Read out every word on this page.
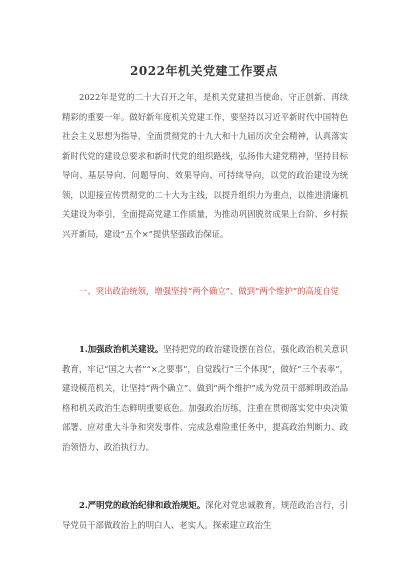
2022年机关党建工作要点

2022年是党的二十大召开之年，是机关党建担当使命、守正创新、再续精彩的重要一年。做好新年度机关党建工作，要坚持以习近平新时代中国特色社会主义思想为指导，全面贯彻党的十九大和十九届历次全会精神，认真落实新时代党的建设总要求和新时代党的组织路线，弘扬伟大建党精神，坚持目标导向、基层导向、问题导向、效果导向、可持续导向，以党的政治建设为统领，以迎接宣传贯彻党的二十大为主线，以提升组织力为重点，以推进清廉机关建设为牵引，全面提高党建工作质量，为推动巩固脱贫成果上台阶、乡村振兴开新局，建设“五个×”提供坚强政治保证。

一、突出政治统领，增强坚持“两个确立”、做到“两个维护”的高度自觉

1.加强政治机关建设。坚持把党的政治建设摆在首位，强化政治机关意识教育，牢记“国之大者”“×之要事”，自觉践行“三个体现”，做好“三个表率”，建设模范机关，让坚持“两个确立”、做到“两个维护”成为党员干部鲜明政治品格和机关政治生态鲜明重要底色。加强政治历练，注重在贯彻落实党中央决策部署、应对重大斗争和突发事件、完成急难险重任务中，提高政治判断力、政治领悟力、政治执行力。

2.严明党的政治纪律和政治规矩。深化对党忠诚教育，规范政治言行，引导党员干部做政治上的明白人、老实人。探索建立政治生
